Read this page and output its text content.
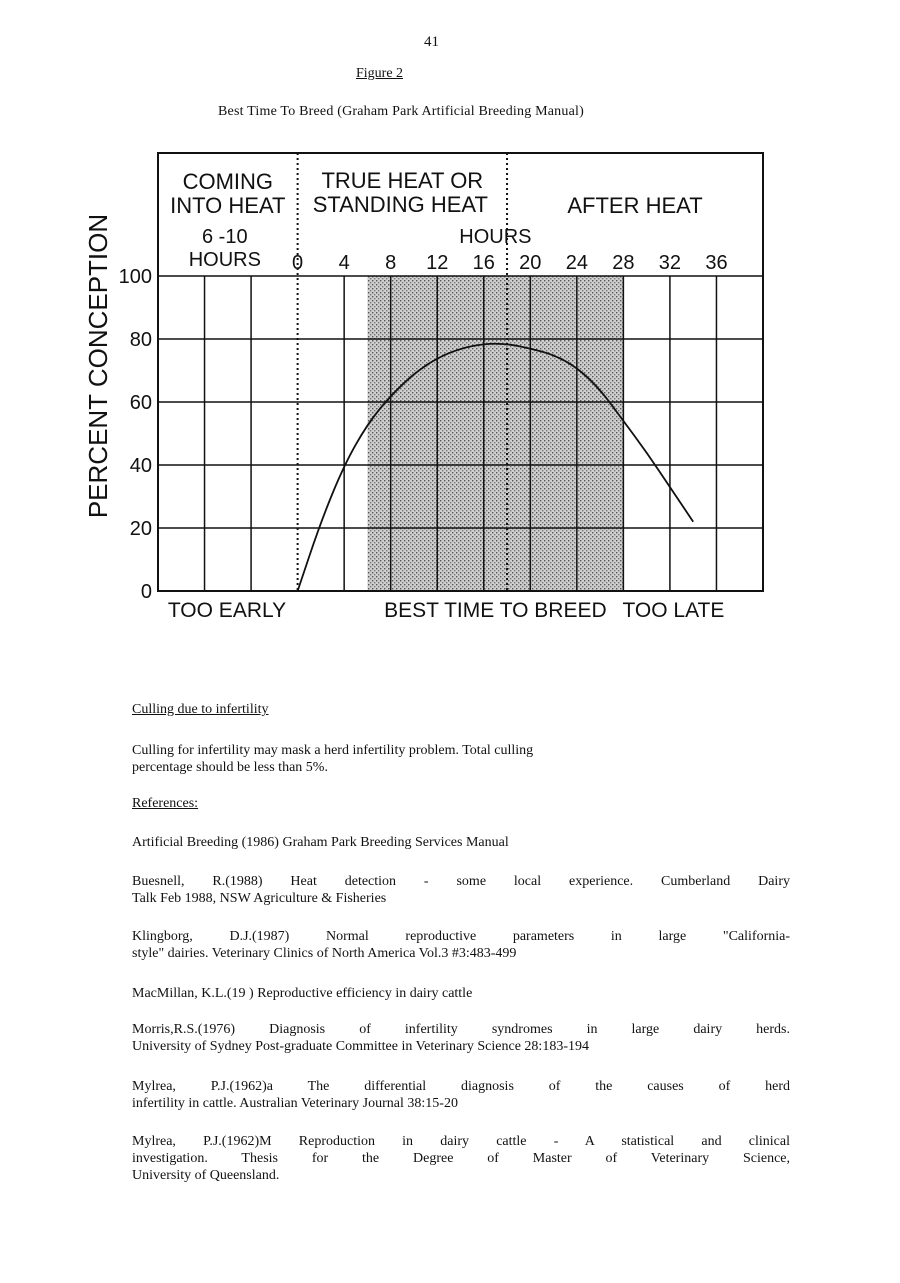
41
Figure 2
Best Time To Breed (Graham Park Artificial Breeding Manual)
0
20
40
60
80
100
0 4 8 12 16 20 24 28 32 36
COMING
INTO HEAT
6 -10
HOURS
TRUE HEAT OR
STANDING HEAT	AFTER HEAT
HOURS
PERCENT CONCEPTION
TOO EARLY	BEST TIME TO BREED TOO LATE
Culling due to infertility
Culling for infertility may mask a herd infertility problem. Total culling
percentage should be less than 5%.
References:
Artificial Breeding (1986) Graham Park Breeding Services Manual
Buesnell, R.(1988) Heat detection - some local experience. Cumberland Dairy
Talk Feb 1988, NSW Agriculture & Fisheries
Klingborg, D.J.(1987) Normal reproductive parameters in large "California-
style" dairies. Veterinary Clinics of North America Vol.3 #3:483-499
MacMillan, K.L.(19 ) Reproductive efficiency in dairy cattle
Morris,R.S.(1976) Diagnosis of infertility syndromes in large dairy herds.
University of Sydney Post-graduate Committee in Veterinary Science 28:183-194
Mylrea, P.J.(1962)a The differential diagnosis of the causes of herd
infertility in cattle. Australian Veterinary Journal 38:15-20
Mylrea, P.J.(1962)M Reproduction in dairy cattle - A statistical and clinical
investigation. Thesis for the Degree of Master of Veterinary Science,
University of Queensland.
